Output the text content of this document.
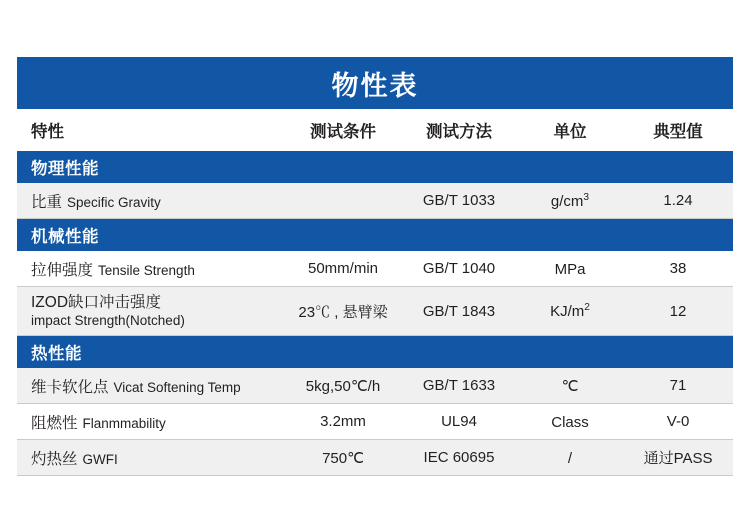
物性表				
特性	测试条件	测试方法	单位	典型值
物理性能				
比重 Specific Gravity		GB/T 1033	$g/cm^3$	1.24
机械性能				
拉伸强度 Tensile Strength	50mm/min	GB/T 1040	MPa	38

IZOD缺口冲击强度
impact Strength(Notched)	23℃ , 悬臂梁	GB/T 1843	$KJ/m^2$	12
热性能				
维卡软化点 Vicat Softening Temp	5kg,50℃/h	GB/T 1633	℃	71
阻燃性 Flanmmability	3.2mm	UL94	Class	V-0
灼热丝 GWFI	750℃	IEC 60695	/	通过PASS
